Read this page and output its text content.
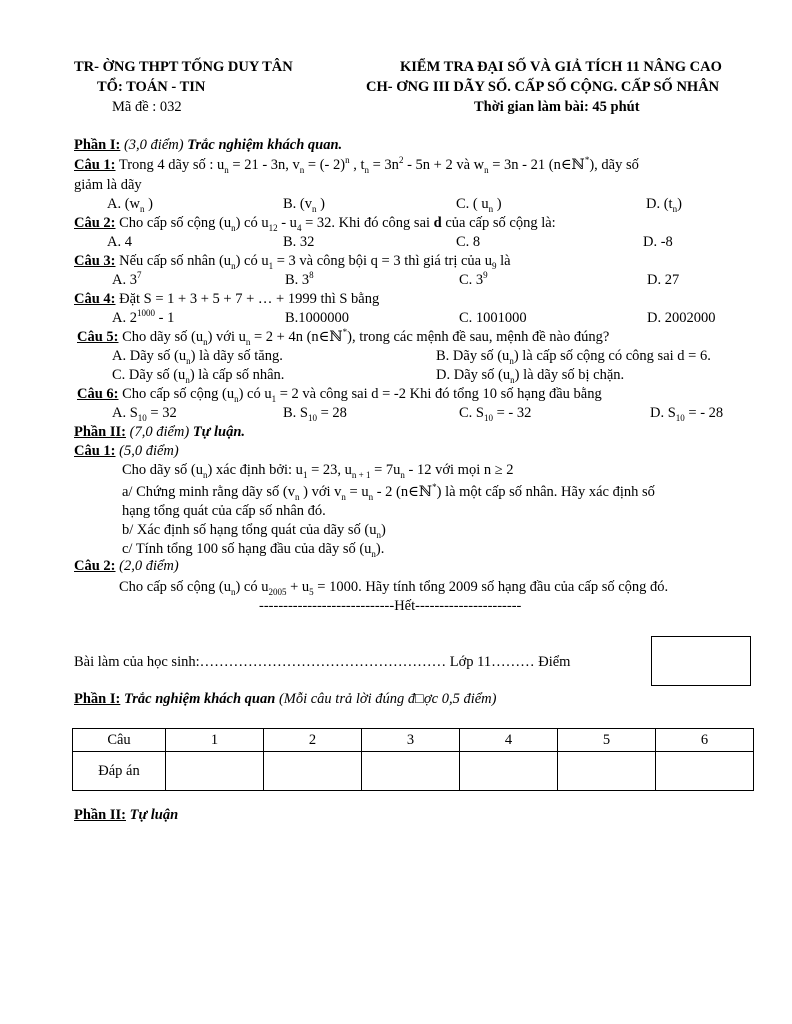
TR- ỜNG THPT TỐNG DUY TÂN
TỔ: TOÁN - TIN
Mã đề : 032
KIỂM TRA ĐẠI SỐ VÀ GIẢ TÍCH 11 NÂNG CAO
CH- ƠNG III DÃY SỐ. CẤP SỐ CỘNG. CẤP SỐ NHÂN
Thời gian làm bài: 45 phút
Phần I: (3,0 điểm) Trắc nghiệm khách quan.
Câu 1: Trong 4 dãy số : $u_n = 21 - 3n$, $v_n$ = (- 2)$^n$ , $t_n = 3n^2 - 5n + 2$ và $w_n = 3n - 21$ (n∈ℕ*), dãy số
giảm là dãy
A. ($w_n$ )	B. ($v_n$ )	C. ( $u_n$ )	D. $(t_n)$
Câu 2: Cho cấp số cộng $(u_n)$ có $u_{12} - u_4 = 32$. Khi đó công sai d của cấp số cộng là:
A. 4	B. 32	C. 8	D. -8
Câu 3: Nếu cấp số nhân $(u_n)$ có $u_1 = 3$ và công bội q = 3 thì giá trị của $u_9$ là
A. $3^7$	B. $3^8$	C. $3^9$	D. 27
Câu 4: Đặt S = 1 + 3 + 5 + 7 + … + 1999 thì S bằng
A. $2^{1000} - 1$	B.1000000	C. 1001000	D. 2002000
Câu 5: Cho dãy số $(u_n)$ với $u_n = 2 + 4n$ (n∈ℕ*), trong các mệnh đề sau, mệnh đề nào đúng?
A. Dãy số $(u_n)$ là dãy số tăng.	B. Dãy số $(u_n)$ là cấp số cộng có công sai d = 6.
C. Dãy số $(u_n)$ là cấp số nhân.	D. Dãy số $(u_n)$ là dãy số bị chặn.
Câu 6: Cho cấp số cộng $(u_n)$ có $u_1 = 2$ và công sai d = -2 Khi đó tổng 10 số hạng đầu bằng
A. $S_{10} = 32$	B. $S_{10} = 28$	C. $S_{10}$ = - 32	D. $S_{10}$ = - 28
Phần II: (7,0 điểm) Tự luận.
Câu 1: (5,0 điểm)
Cho dãy số $(u_n)$ xác định bởi: $u_1 = 23$, $u_{n + 1} = 7u_n - 12$ với mọi n ≥ 2
a/ Chứng minh rằng dãy số ($v_n$ ) với $v_n = u_n - 2$ (n∈ℕ*) là một cấp số nhân. Hãy xác định số
hạng tổng quát của cấp số nhân đó.
b/ Xác định số hạng tổng quát của dãy số $(u_n)$
c/ Tính tổng 100 số hạng đầu của dãy số $(u_n)$.
Câu 2: (2,0 điểm)
Cho cấp số cộng $(u_n)$ có $u_{2005} + u_5 = 1000$. Hãy tính tổng 2009 số hạng đầu của cấp số cộng đó.
----------------------------Hết----------------------
Bài làm của học sinh:…………………………………………… Lớp 11……… Điểm
Phần I: Trắc nghiệm khách quan (Mỗi câu trả lời đúng đ□ợc 0,5 điểm)
Câu	1	2	3	4	5	6
Đáp án						
Phần II: Tự luận
